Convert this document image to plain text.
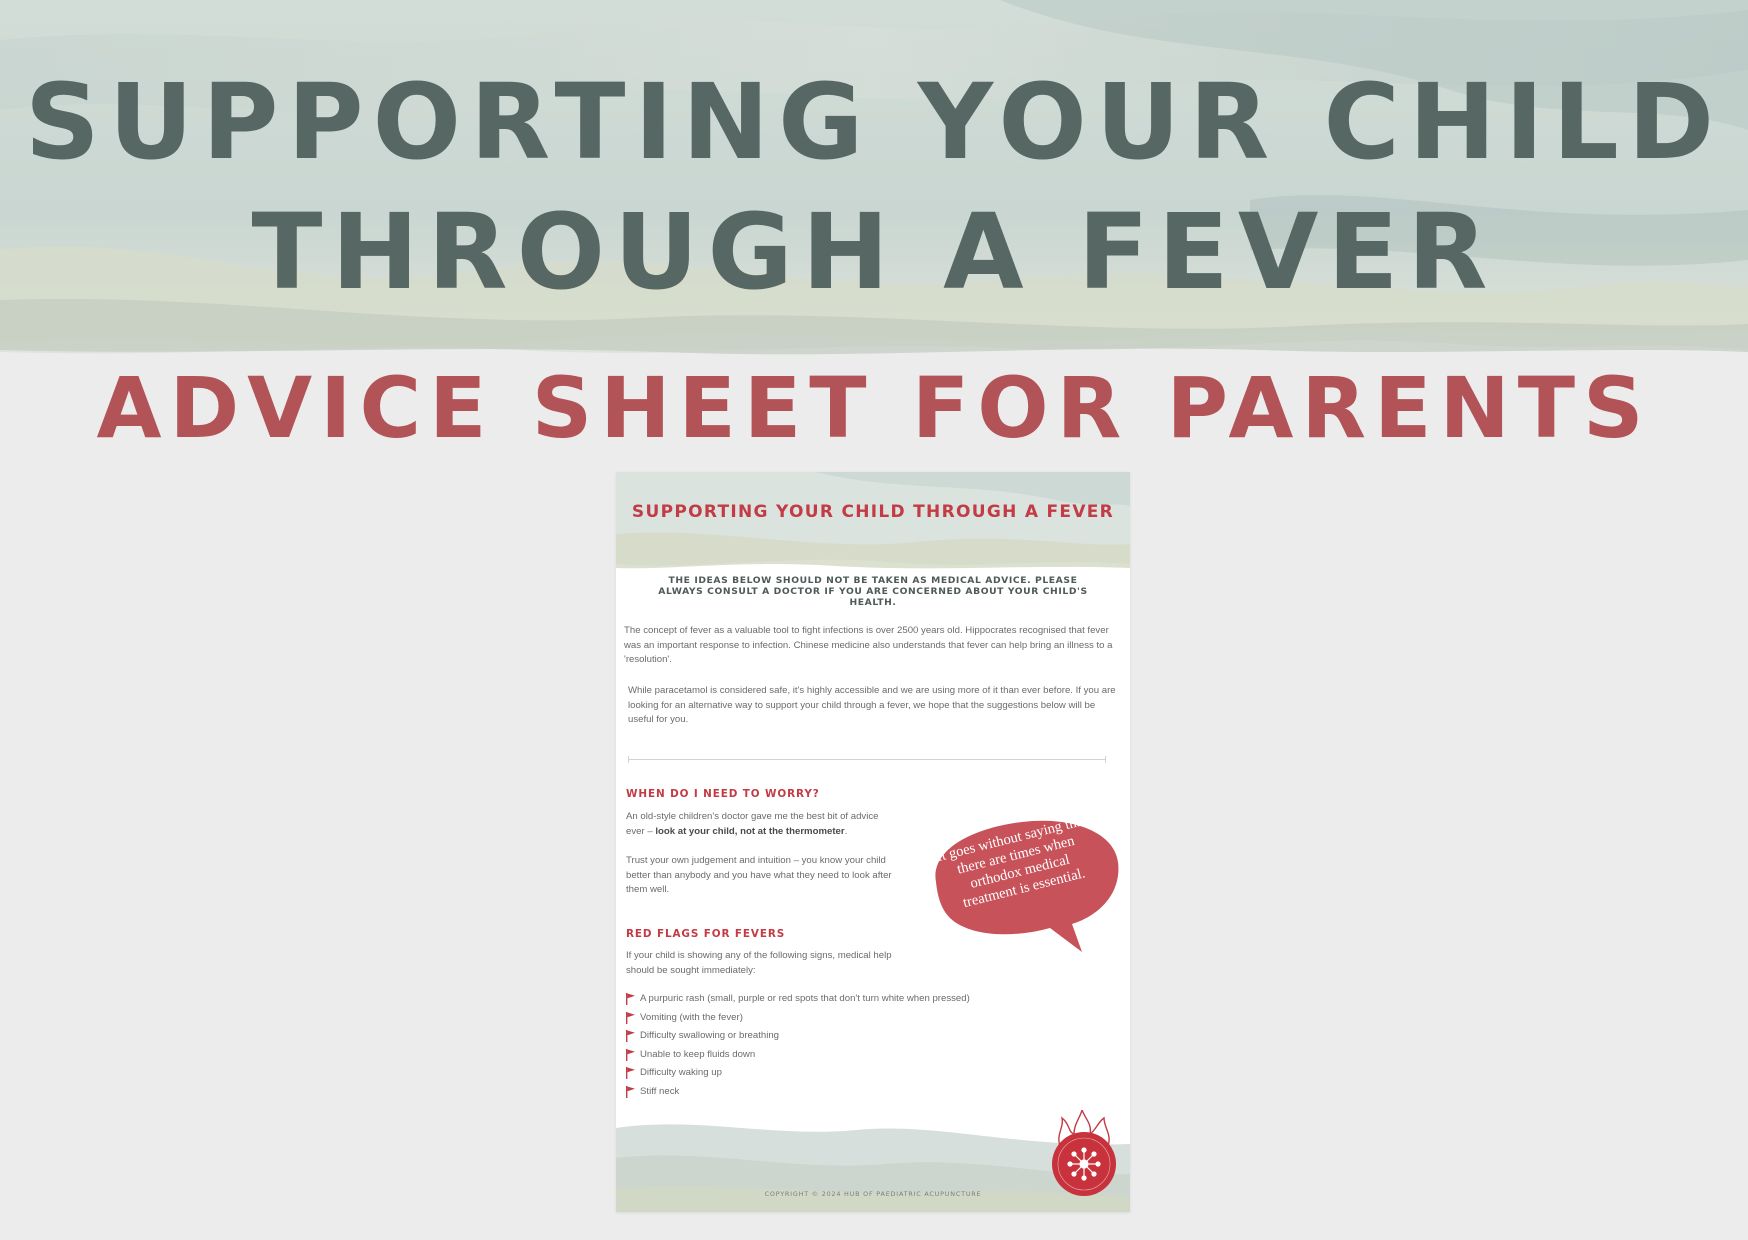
SUPPORTING YOUR CHILD
THROUGH A FEVER
ADVICE SHEET FOR PARENTS
SUPPORTING YOUR CHILD THROUGH A FEVER
THE IDEAS BELOW SHOULD NOT BE TAKEN AS MEDICAL ADVICE. PLEASE ALWAYS CONSULT A DOCTOR IF YOU ARE CONCERNED ABOUT YOUR CHILD'S HEALTH.

The concept of fever as a valuable tool to fight infections is over 2500 years old. Hippocrates recognised that fever was an important response to infection. Chinese medicine also understands that fever can help bring an illness to a 'resolution'.

While paracetamol is considered safe, it's highly accessible and we are using more of it than ever before. If you are looking for an alternative way to support your child through a fever, we hope that the suggestions below will be useful for you.

WHEN DO I NEED TO WORRY?

An old-style children's doctor gave me the best bit of advice ever – look at your child, not at the thermometer.

Trust your own judgement and intuition – you know your child better than anybody and you have what they need to look after them well.

It goes without saying that there are times when orthodox medical treatment is essential.
RED FLAGS FOR FEVERS

If your child is showing any of the following signs, medical help should be sought immediately:

A purpuric rash (small, purple or red spots that don't turn white when pressed)
Vomiting (with the fever)
Difficulty swallowing or breathing
Unable to keep fluids down
Difficulty waking up
Stiff neck
COPYRIGHT © 2024 HUB OF PAEDIATRIC ACUPUNCTURE
